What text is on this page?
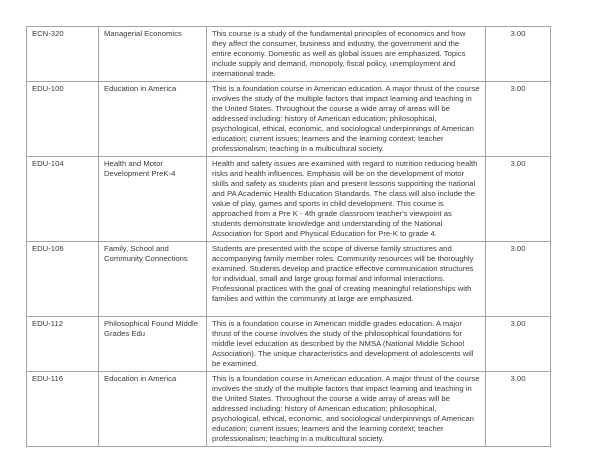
ECN-320	Managerial Economics	This course is a study of the fundamental principles of economics and how they affect the consumer, business and industry, the government and the entire economy. Domestic as well as global issues are emphasized. Topics include supply and demand, monopoly, fiscal policy, unemployment and international trade.	3.00
EDU-100	Education in America	This is a foundation course in American education. A major thrust of the course involves the study of the multiple factors that impact learning and teaching in the United States. Throughout the course a wide array of areas will be addressed including: history of American education; philosophical, psychological, ethical, economic, and sociological underpinnings of American education; current issues; learners and the learning context; teacher professionalism; teaching in a multicultural society.	3.00
EDU-104	Health and Motor Development PreK-4	Health and safety issues are examined with regard to nutrition reducing health risks and health influences. Emphasis will be on the development of motor skills and safety as students plan and present lessons supporting the national and PA Academic Health Education Standards. The class will also include the value of play, games and sports in child development. This course is approached from a Pre K - 4th grade classroom teacher's viewpoint as students demonstrate knowledge and understanding of the National Association for Sport and Physical Education for Pre-K to grade 4.	3.00
EDU-106	Family, School and Community Connections	Students are presented with the scope of diverse family structures and accompanying family member roles. Community resources will be thoroughly examined. Students develop and practice effective communication structures for individual, small and large group formal and informal interactions. Professional practices with the goal of creating meaningful relationships with families and within the community at large are emphasized.	3.00
EDU-112	Philosophical Found Middle Grades Edu	This is a foundation course in American middle grades education. A major thrust of the course involves the study of the philosophical foundations for middle level education as described by the NMSA (National Middle School Association). The unique characteristics and development of adolescents will be examined.	3.00
EDU-116	Education in America	This is a foundation course in American education. A major thrust of the course involves the study of the multiple factors that impact learning and teaching in the United States. Throughout the course a wide array of areas will be addressed including: history of American education; philosophical, psychological, ethical, economic, and sociological underpinnings of American education; current issues; learners and the learning context; teacher professionalism; teaching in a multicultural society.	3.00
